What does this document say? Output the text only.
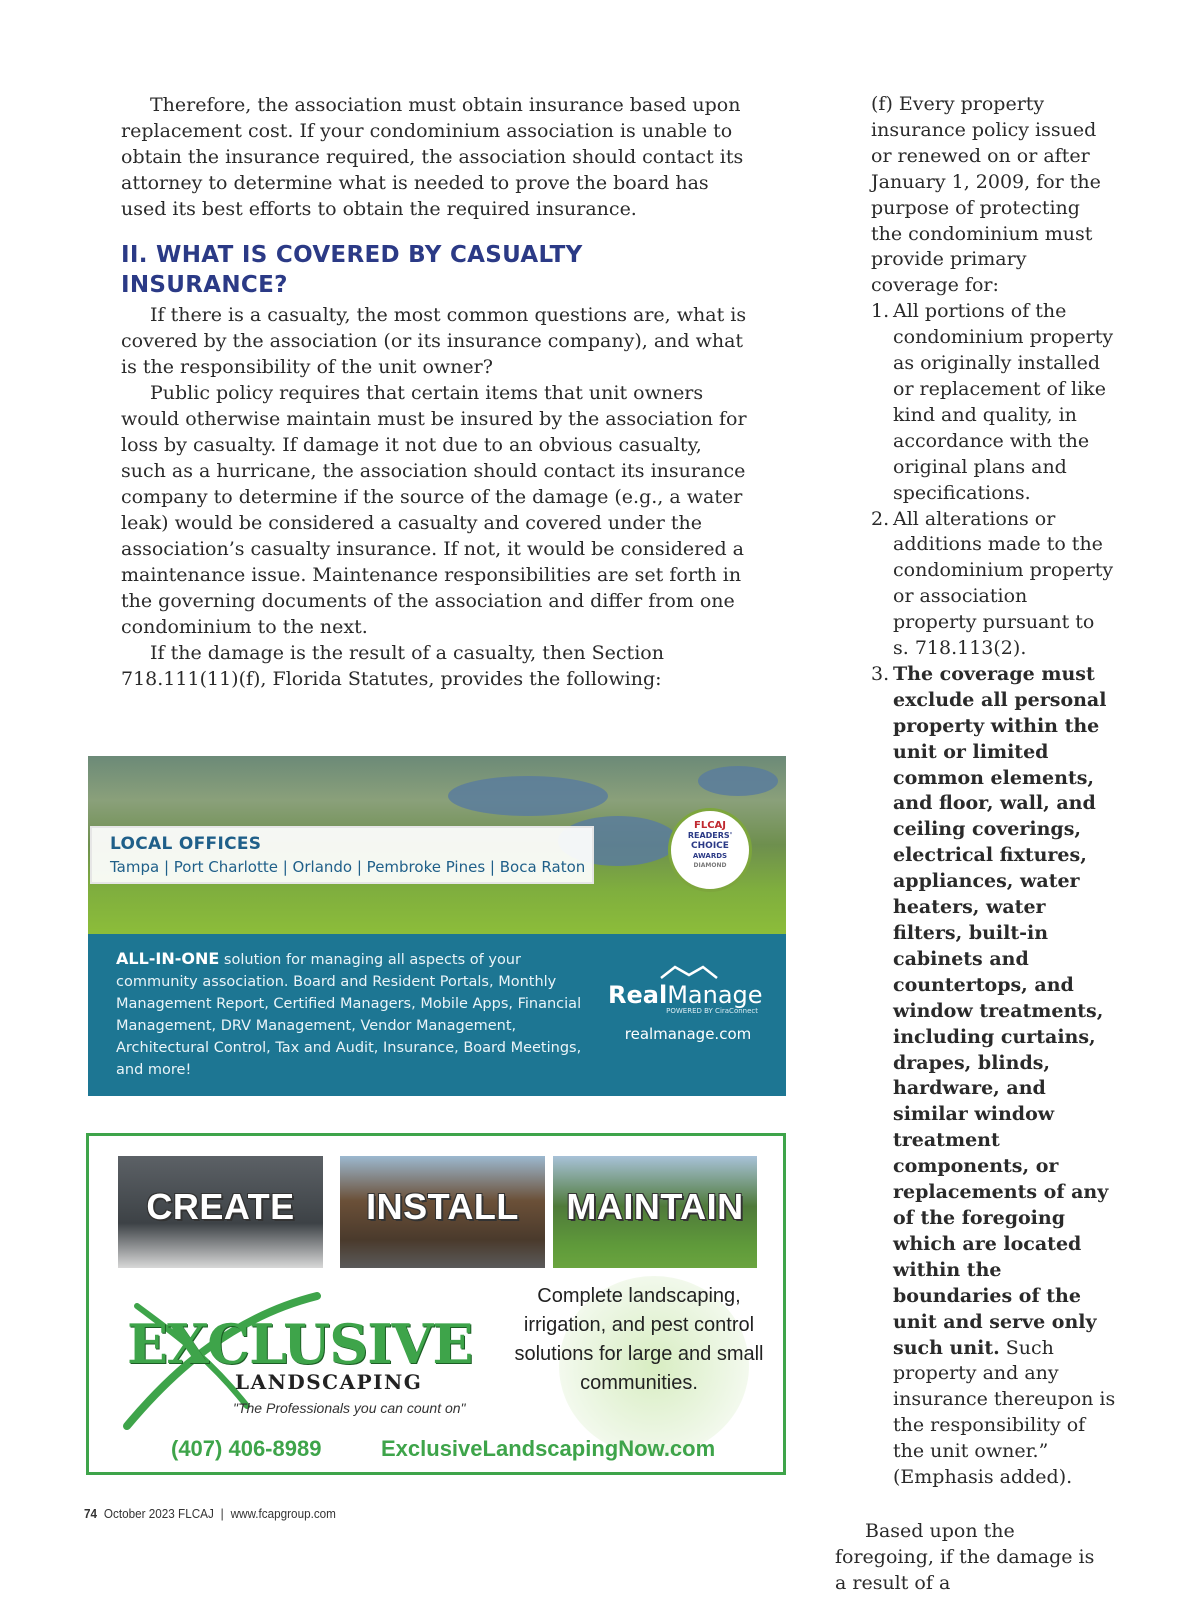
Therefore, the association must obtain insurance based upon replacement cost. If your condominium association is unable to obtain the insurance required, the association should contact its attorney to determine what is needed to prove the board has used its best efforts to obtain the required insurance.

II. WHAT IS COVERED BY CASUALTY INSURANCE?

If there is a casualty, the most common questions are, what is covered by the association (or its insurance company), and what is the responsibility of the unit owner?

Public policy requires that certain items that unit owners would otherwise maintain must be insured by the association for loss by casualty. If damage it not due to an obvious casualty, such as a hurricane, the association should contact its insurance company to determine if the source of the damage (e.g., a water leak) would be considered a casualty and covered under the association’s casualty insurance. If not, it would be considered a maintenance issue. Maintenance responsibilities are set forth in the governing documents of the association and differ from one condominium to the next.

If the damage is the result of a casualty, then Section 718.111(11)(f), Florida Statutes, provides the following:

(f) Every property insurance policy issued or renewed on or after January 1, 2009, for the purpose of protecting the condominium must provide primary coverage for:

1. All portions of the condominium property as originally installed or replacement of like kind and quality, in accordance with the original plans and specifications.
2. All alterations or additions made to the condominium property or association property pursuant to s. 718.113(2).
3. The coverage must exclude all personal property within the unit or limited common elements, and floor, wall, and ceiling coverings, electrical fixtures, appliances, water heaters, water filters, built-in cabinets and countertops, and window treatments, including curtains, drapes, blinds, hardware, and similar window treatment components, or replacements of any of the foregoing which are located within the boundaries of the unit and serve only such unit. Such property and any insurance thereupon is the responsibility of the unit owner.” (Emphasis added).

Based upon the foregoing, if the damage is a result of a

LOCAL OFFICES
Tampa | Port Charlotte | Orlando | Pembroke Pines | Boca Raton
FLCAJ
READERS'
CHOICE
AWARDS
DIAMOND
ALL-IN-ONE solution for managing all aspects of your community association. Board and Resident Portals, Monthly Management Report, Certified Managers, Mobile Apps, Financial Management, DRV Management, Vendor Management, Architectural Control, Tax and Audit, Insurance, Board Meetings, and more!
RealManage
POWERED BY CiraConnect
realmanage.com
CREATE	INSTALL	MAINTAIN
EXCLUSIVE
LANDSCAPING
"The Professionals you can count on"
Complete landscaping, irrigation, and pest control solutions for large and small communities.
(407) 406-8989	ExclusiveLandscapingNow.com
74 October 2023 FLCAJ | www.fcapgroup.com
